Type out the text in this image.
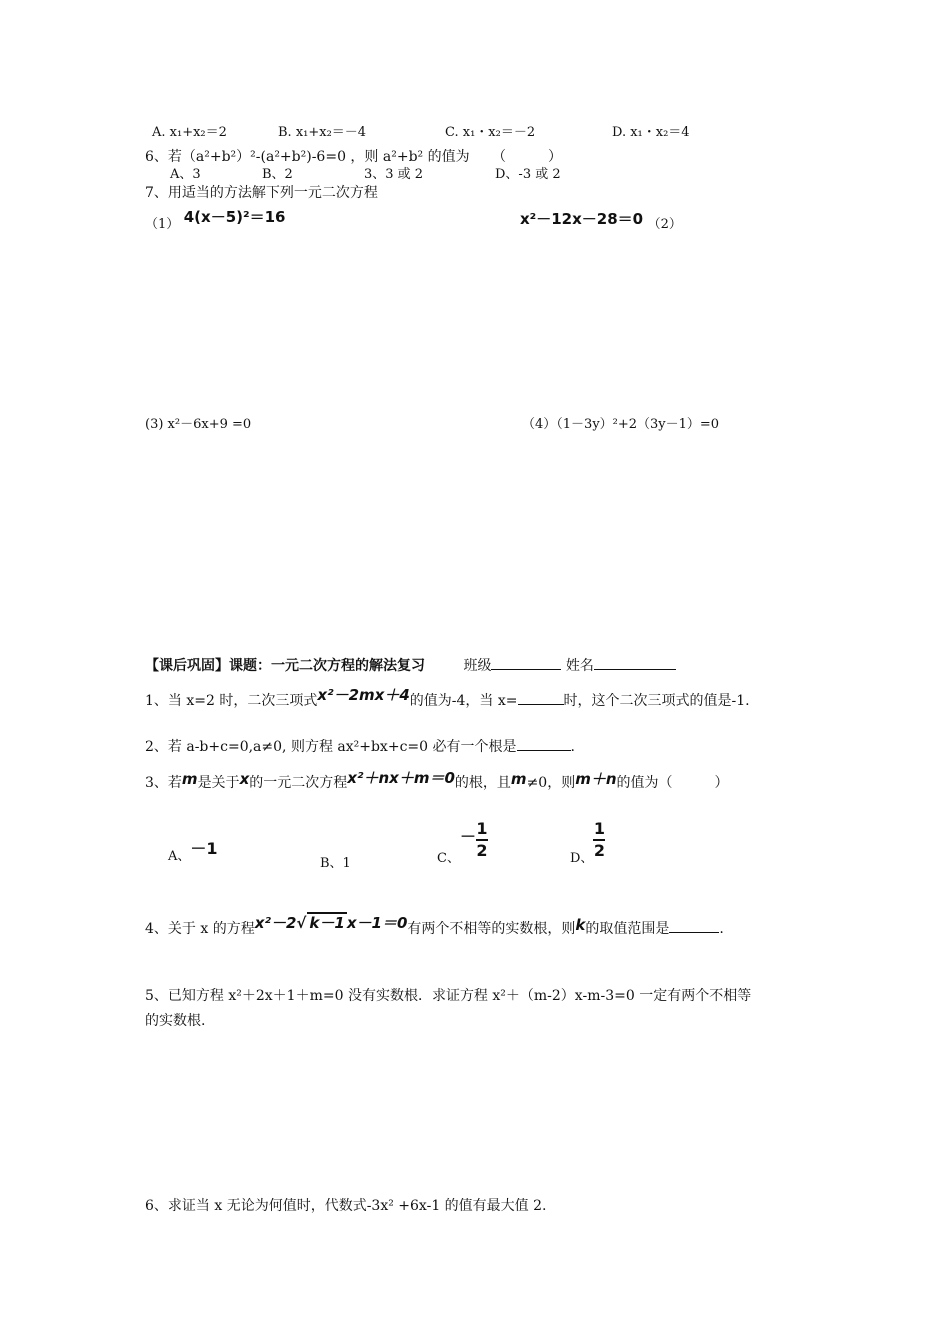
A. x₁+x₂＝2	B. x₁+x₂＝－4	C. x₁・x₂＝－2	D. x₁・x₂＝4
6、若（a²+b²）²-(a²+b²)-6=0 ，则 a²+b² 的值为 （　　　）
A、3	B、2	3、3 或 2	D、-3 或 2
7、用适当的方法解下列一元二次方程
（1） 4(x－5)²＝16	x²－12x－28＝0 （2）
(3) x²－6x+9 =0	（4）（1－3y）²+2（3y－1）=0
【课后巩固】课题：一元二次方程的解法复习	班级	姓名
1、当 x=2 时，二次三项式x²－2mx＋4的值为-4，当 x=	时，这个二次三项式的值是-1.
2、若 a-b+c=0,a≠0, 则方程 ax²+bx+c=0 必有一个根是	.
3、若m是关于x的一元二次方程x²＋nx＋m＝0的根，且m≠0，则m＋n的值为（　　　）
A、－1
B、1	C、－ $\frac{1}{2}$	D、 $\frac{1}{2}$
4、关于 x 的方程x²－2√ k－1 x－1＝0有两个不相等的实数根，则k的取值范围是	.
5、已知方程 x²＋2x＋1＋m=0 没有实数根．求证方程 x²＋（m-2）x-m-3=0 一定有两个不相等
的实数根.
6、求证当 x 无论为何值时，代数式-3x² +6x-1 的值有最大值 2.
